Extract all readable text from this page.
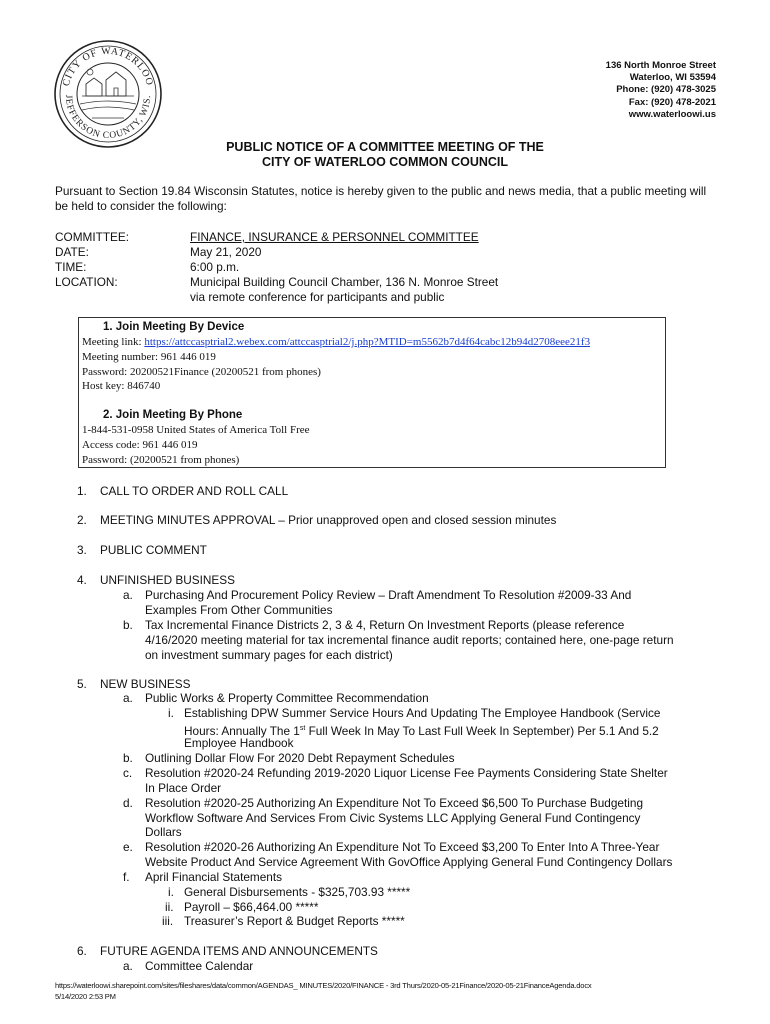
CITY OF WATERLOO
JEFFERSON COUNTY, WIS.
136 North Monroe Street
Waterloo, WI 53594
Phone: (920) 478-3025
Fax: (920) 478-2021
www.waterloowi.us
PUBLIC NOTICE OF A COMMITTEE MEETING OF THE
CITY OF WATERLOO COMMON COUNCIL
Pursuant to Section 19.84 Wisconsin Statutes, notice is hereby given to the public and news media, that a public meeting will be held to consider the following:
COMMITTEE:	FINANCE, INSURANCE & PERSONNEL COMMITTEE
DATE:	May 21, 2020
TIME:	6:00 p.m.
LOCATION:	Municipal Building Council Chamber, 136 N. Monroe Street
via remote conference for participants and public
1. Join Meeting By Device
Meeting link: https://attccasptrial2.webex.com/attccasptrial2/j.php?MTID=m5562b7d4f64cabc12b94d2708eee21f3
Meeting number: 961 446 019
Password: 20200521Finance (20200521 from phones)
Host key: 846740
2. Join Meeting By Phone
1-844-531-0958 United States of America Toll Free
Access code: 961 446 019
Password: (20200521 from phones)
1. CALL TO ORDER AND ROLL CALL
2. MEETING MINUTES APPROVAL – Prior unapproved open and closed session minutes
3. PUBLIC COMMENT
4. UNFINISHED BUSINESS
a. Purchasing And Procurement Policy Review – Draft Amendment To Resolution #2009-33 And
Examples From Other Communities
b. Tax Incremental Finance Districts 2, 3 & 4, Return On Investment Reports (please reference
4/16/2020 meeting material for tax incremental finance audit reports; contained here, one-page return
on investment summary pages for each district)
5. NEW BUSINESS
a. Public Works & Property Committee Recommendation
i. Establishing DPW Summer Service Hours And Updating The Employee Handbook (Service
Hours: Annually The 1st Full Week In May To Last Full Week In September) Per 5.1 And 5.2
Employee Handbook
b. Outlining Dollar Flow For 2020 Debt Repayment Schedules
c. Resolution #2020-24 Refunding 2019-2020 Liquor License Fee Payments Considering State Shelter
In Place Order
d. Resolution #2020-25 Authorizing An Expenditure Not To Exceed $6,500 To Purchase Budgeting
Workflow Software And Services From Civic Systems LLC Applying General Fund Contingency
Dollars
e. Resolution #2020-26 Authorizing An Expenditure Not To Exceed $3,200 To Enter Into A Three-Year
Website Product And Service Agreement With GovOffice Applying General Fund Contingency Dollars
f. April Financial Statements
i. General Disbursements - $325,703.93 *****
ii. Payroll – $66,464.00 *****
iii. Treasurer’s Report & Budget Reports *****
6. FUTURE AGENDA ITEMS AND ANNOUNCEMENTS
a. Committee Calendar
https://waterloowi.sharepoint.com/sites/fileshares/data/common/AGENDAS_ MINUTES/2020/FINANCE - 3rd Thurs/2020-05-21Finance/2020-05-21FinanceAgenda.docx
5/14/2020 2:53 PM
